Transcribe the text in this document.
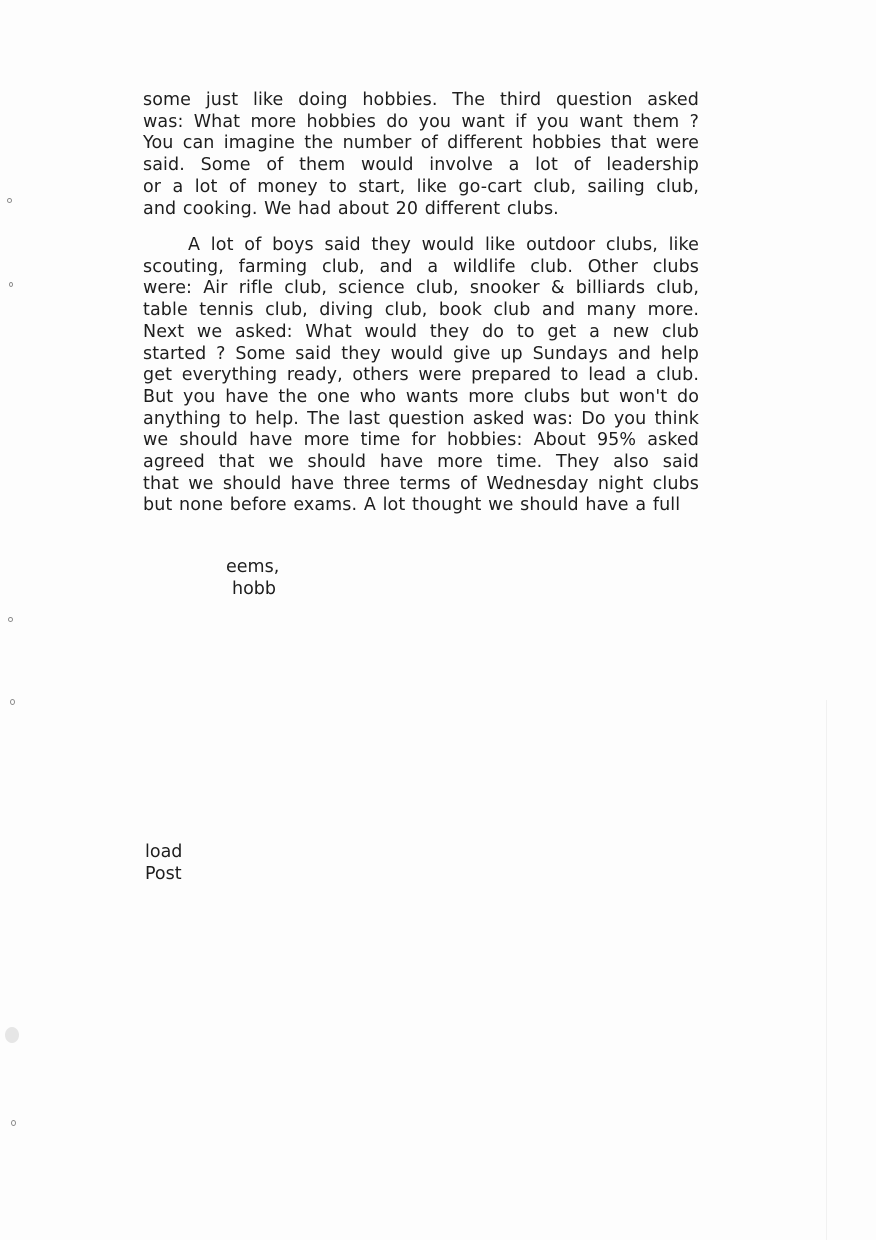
some just like doing hobbies. The third question asked
was: What more hobbies do you want if you want them ?
You can imagine the number of different hobbies that were
said. Some of them would involve a lot of leadership
or a lot of money to start, like go-cart club, sailing club,
and cooking. We had about 20 different clubs.
A lot of boys said they would like outdoor clubs, like
scouting, farming club, and a wildlife club. Other clubs
were: Air rifle club, science club, snooker & billiards club,
table tennis club, diving club, book club and many more.
Next we asked: What would they do to get a new club
started ? Some said they would give up Sundays and help
get everything ready, others were prepared to lead a club.
But you have the one who wants more clubs but won't do
anything to help. The last question asked was: Do you think
we should have more time for hobbies: About 95% asked
agreed that we should have more time. They also said
that we should have three terms of Wednesday night clubs
but none before exams. A lot thought we should have a full
eems,
hobb
load
Post
